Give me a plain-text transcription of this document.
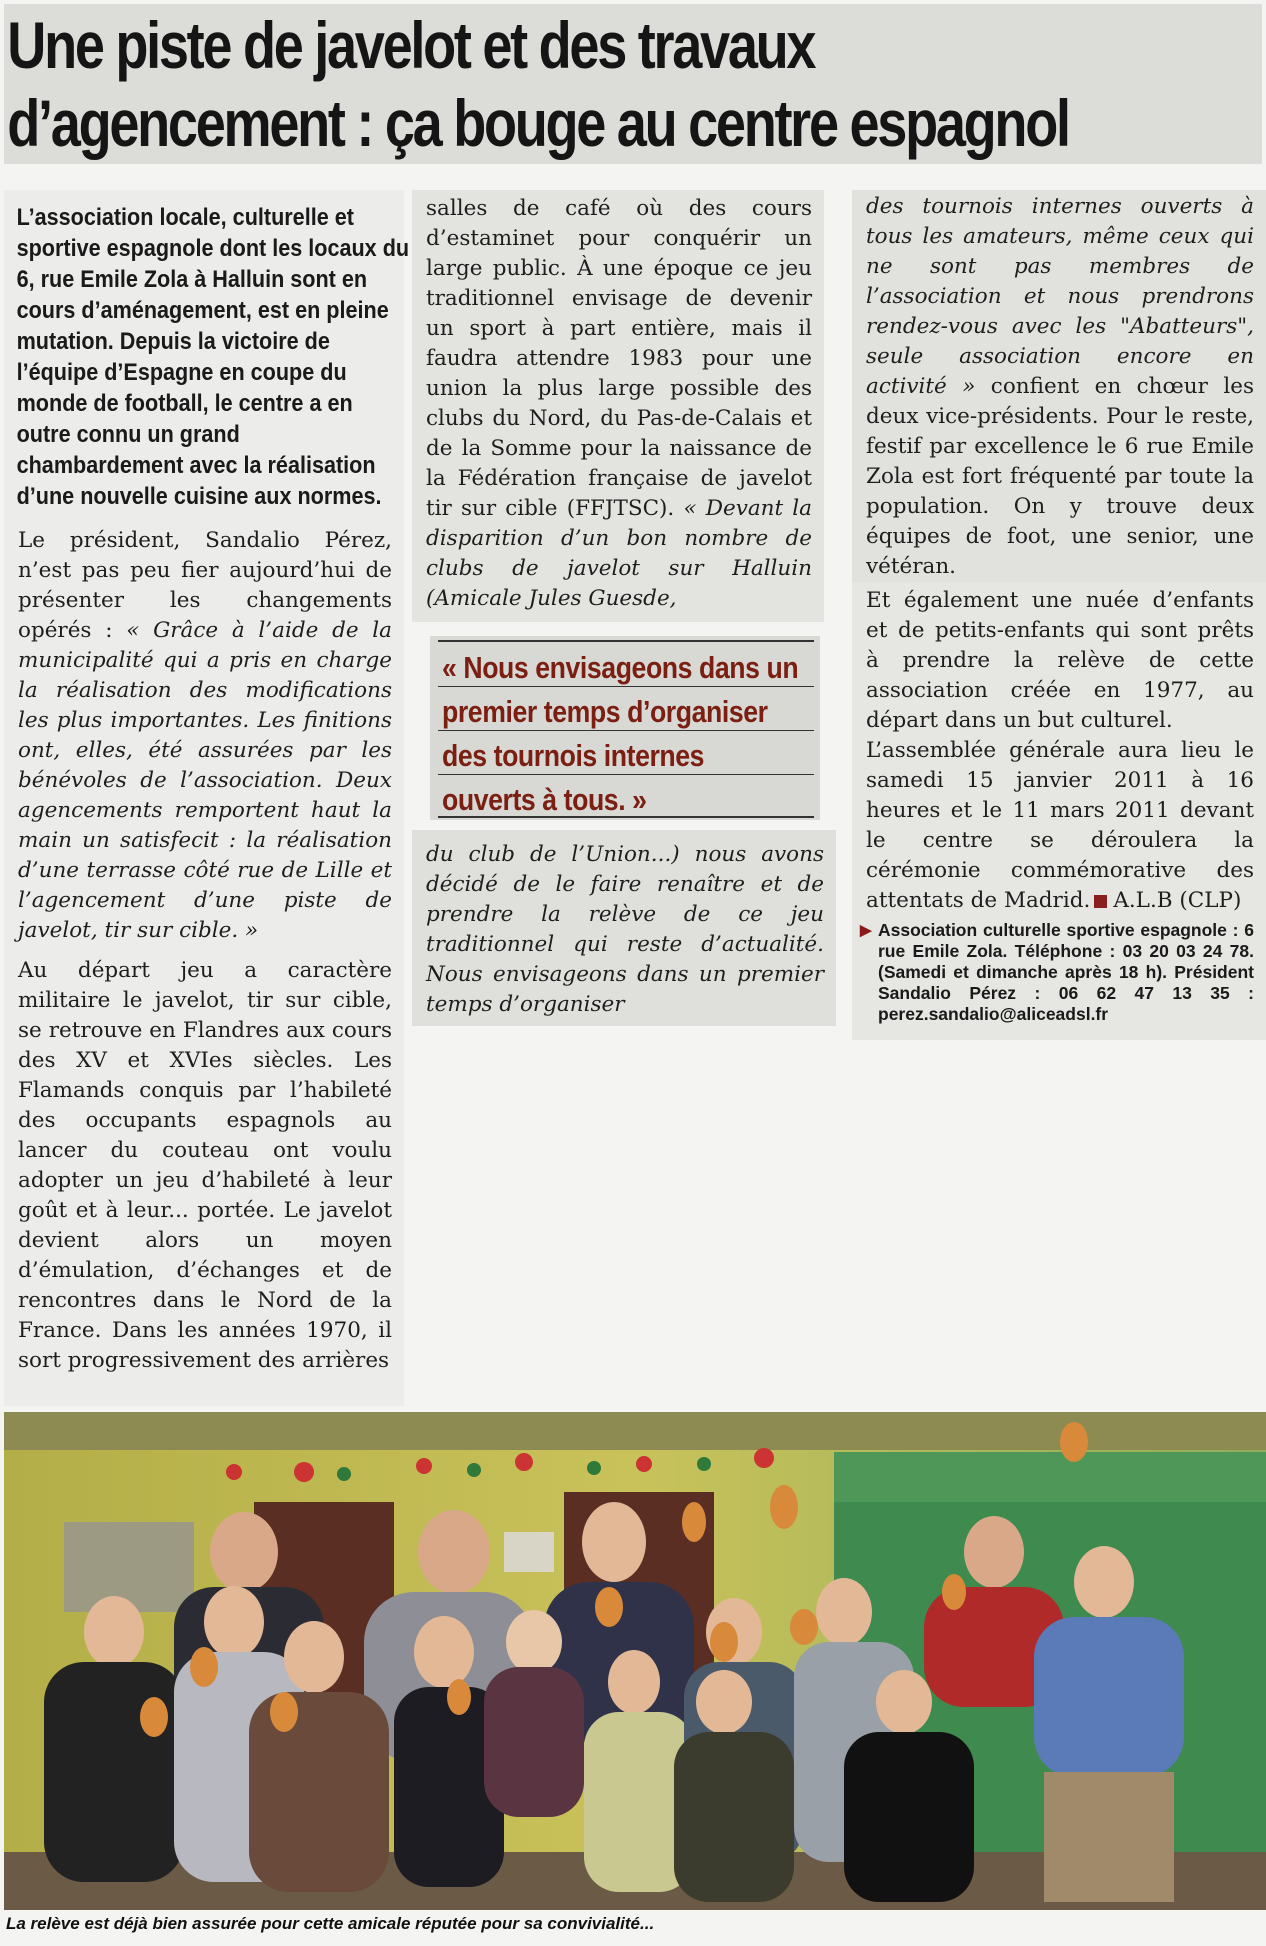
Une piste de javelot et des travaux
d’agencement : ça bouge au centre espagnol

L’association locale, culturelle et sportive espagnole dont les locaux du 6, rue Emile Zola à Halluin sont en cours d’aménagement, est en pleine mutation. Depuis la victoire de l’équipe d’Espagne en coupe du monde de football, le centre a en outre connu un grand chambardement avec la réalisation d’une nouvelle cuisine aux normes.

Le président, Sandalio Pérez, n’est pas peu fier aujourd’hui de présenter les changements opérés : « Grâce à l’aide de la municipalité qui a pris en charge la réalisation des modifications les plus importantes. Les finitions ont, elles, été assurées par les bénévoles de l’association. Deux agencements remportent haut la main un satisfecit : la réalisation d’une terrasse côté rue de Lille et l’agencement d’une piste de javelot, tir sur cible. »

Au départ jeu a caractère militaire le javelot, tir sur cible, se retrouve en Flandres aux cours des XV et XVIes siècles. Les Flamands conquis par l’habileté des occupants espagnols au lancer du couteau ont voulu adopter un jeu d’habileté à leur goût et à leur... portée. Le javelot devient alors un moyen d’émulation, d’échanges et de rencontres dans le Nord de la France. Dans les années 1970, il sort progressivement des arrières

salles de café où des cours d’estaminet pour conquérir un large public. À une époque ce jeu traditionnel envisage de devenir un sport à part entière, mais il faudra attendre 1983 pour une union la plus large possible des clubs du Nord, du Pas-de-Calais et de la Somme pour la naissance de la Fédération française de javelot tir sur cible (FFJTSC). « Devant la disparition d’un bon nombre de clubs de javelot sur Halluin (Amicale Jules Guesde,

« Nous envisageons dans un premier temps d’organiser des tournois internes ouverts à tous. »

du club de l’Union...) nous avons décidé de le faire renaître et de prendre la relève de ce jeu traditionnel qui reste d’actualité. Nous envisageons dans un premier temps d’organiser

des tournois internes ouverts à tous les amateurs, même ceux qui ne sont pas membres de l’association et nous prendrons rendez-vous avec les "Abatteurs", seule association encore en activité » confient en chœur les deux vice-présidents. Pour le reste, festif par excellence le 6 rue Emile Zola est fort fréquenté par toute la population. On y trouve deux équipes de foot, une senior, une vétéran.

Et également une nuée d’enfants et de petits-enfants qui sont prêts à prendre la relève de cette association créée en 1977, au départ dans un but culturel.

L’assemblée générale aura lieu le samedi 15 janvier 2011 à 16 heures et le 11 mars 2011 devant le centre se déroulera la cérémonie commémorative des attentats de Madrid. A.L.B (CLP)

▶ Association culturelle sportive espagnole : 6 rue Emile Zola. Téléphone : 03 20 03 24 78. (Samedi et dimanche après 18 h). Président Sandalio Pérez : 06 62 47 13 35 : perez.sandalio@aliceadsl.fr

La relève est déjà bien assurée pour cette amicale réputée pour sa convivialité...
